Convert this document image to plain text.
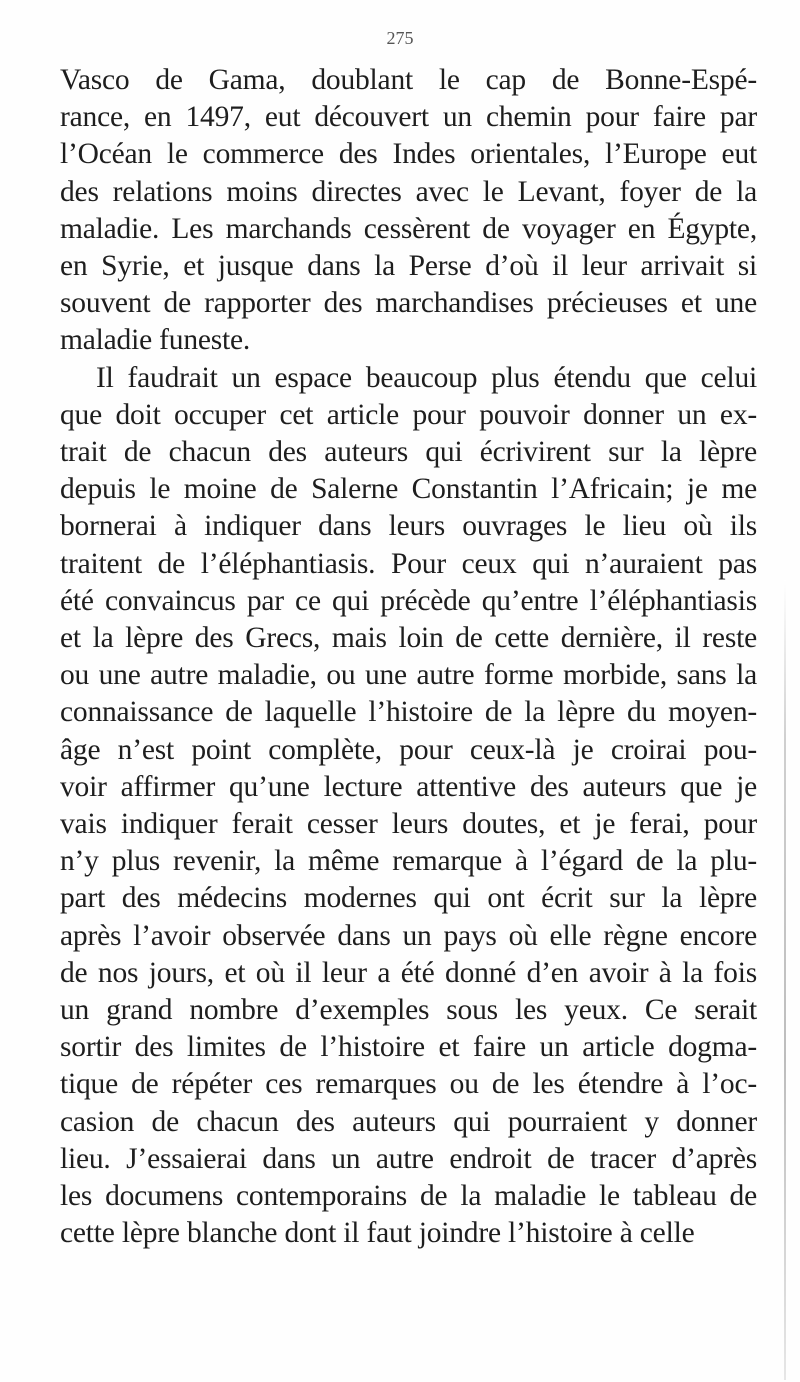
275
Vasco de Gama, doublant le cap de Bonne-Espé-
rance, en 1497, eut découvert un chemin pour faire par
l’Océan le commerce des Indes orientales, l’Europe eut
des relations moins directes avec le Levant, foyer de la
maladie. Les marchands cessèrent de voyager en Égypte,
en Syrie, et jusque dans la Perse d’où il leur arrivait si
souvent de rapporter des marchandises précieuses et une
maladie funeste.
Il faudrait un espace beaucoup plus étendu que celui
que doit occuper cet article pour pouvoir donner un ex-
trait de chacun des auteurs qui écrivirent sur la lèpre
depuis le moine de Salerne Constantin l’Africain; je me
bornerai à indiquer dans leurs ouvrages le lieu où ils
traitent de l’éléphantiasis. Pour ceux qui n’auraient pas
été convaincus par ce qui précède qu’entre l’éléphantiasis
et la lèpre des Grecs, mais loin de cette dernière, il reste
ou une autre maladie, ou une autre forme morbide, sans la
connaissance de laquelle l’histoire de la lèpre du moyen-
âge n’est point complète, pour ceux-là je croirai pou-
voir affirmer qu’une lecture attentive des auteurs que je
vais indiquer ferait cesser leurs doutes, et je ferai, pour
n’y plus revenir, la même remarque à l’égard de la plu-
part des médecins modernes qui ont écrit sur la lèpre
après l’avoir observée dans un pays où elle règne encore
de nos jours, et où il leur a été donné d’en avoir à la fois
un grand nombre d’exemples sous les yeux. Ce serait
sortir des limites de l’histoire et faire un article dogma-
tique de répéter ces remarques ou de les étendre à l’oc-
casion de chacun des auteurs qui pourraient y donner
lieu. J’essaierai dans un autre endroit de tracer d’après
les documens contemporains de la maladie le tableau de
cette lèpre blanche dont il faut joindre l’histoire à celle
